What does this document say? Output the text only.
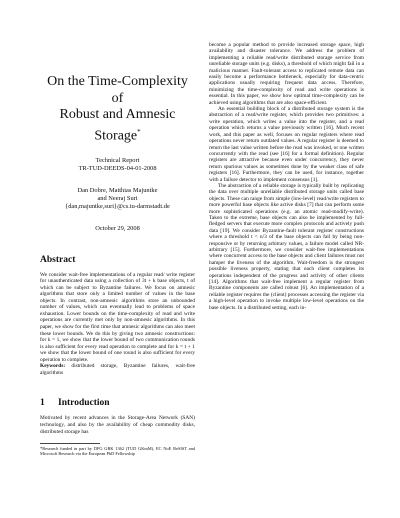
On the Time-Complexity of
Robust and Amnesic Storage*
Technical Report
TR-TUD-DEEDS-04-01-2008
Dan Dobre, Matthias Majuntke
and Neeraj Suri
{dan,majuntke,suri}@cs.tu-darmstadt.de
October 29, 2008
Abstract

We consider wait-free implementations of a regular read/ write register for unauthenticated data using a collection of 3t + k base objects, t of which can be subject to Byzantine failures. We focus on amnesic algorithms that store only a limited number of values in the base objects. In contrast, non-amnesic algorithms store an unbounded number of values, which can eventually lead to problems of space exhaustion. Lower bounds on the time-complexity of read and write operations are currently met only by non-amnesic algorithms. In this paper, we show for the first time that amnesic algorithms can also meet these lower bounds. We do this by giving two amnesic constructions: for k = 1, we show that the lower bound of two communication rounds is also sufficient for every read operation to complete and for k = t + 1 we show that the lower bound of one round is also sufficient for every operation to complete.

Keywords: distributed storage, Byzantine failures, wait-free algorithms

1 Introduction

Motivated by recent advances in the Storage-Area Network (SAN) technology, and also by the availability of cheap commodity disks, distributed storage has

*Research funded in part by DFG GRK 1362 (TUD GKmM), EC NoE ReSIST and Microsoft Research via the European PhD Fellowship

become a popular method to provide increased storage space, high availability and disaster tolerance. We address the problem of implementing a reliable read/write distributed storage service from unreliable storage units (e.g. disks), a threshold of which might fail in a malicious manner. Fault-tolerant access to replicated remote data can easily become a performance bottleneck, especially for data-centric applications usually requiring frequent data access. Therefore, minimizing the time-complexity of read and write operations is essential. In this paper, we show how optimal time-complexity can be achieved using algorithms that are also space-efficient.

An essential building block of a distributed storage system is the abstraction of a read/write register, which provides two primitives: a write operation, which writes a value into the register, and a read operation which returns a value previously written [16]. Much recent work, and this paper as well, focuses on regular registers where read operations never return outdated values. A regular register is deemed to return the last value written before the read was invoked, or one written concurrently with the read (see [16] for a formal definition). Regular registers are attractive because even under concurrency, they never return spurious values as sometimes done by the weaker class of safe registers [16]. Furthermore, they can be used, for instance, together with a failure detector to implement consensus [1].

The abstraction of a reliable storage is typically built by replicating the data over multiple unreliable distributed storage units called base objects. These can range from simple (low-level) read/write registers to more powerful base objects like active disks [7] that can perform some more sophisticated operations (e.g. an atomic read-modify-write). Taken to the extreme, base objects can also be implemented by full-fledged servers that execute more complex protocols and actively push data [19]. We consider Byzantine-fault tolerant register constructions where a threshold t < n/3 of the base objects can fail by being non-responsive or by returning arbitrary values, a failure model called NR-arbitrary [15]. Furthermore, we consider wait-free implementations where concurrent access to the base objects and client failures must not hamper the liveness of the algorithm. Wait-freedom is the strongest possible liveness property, stating that each client completes its operations independent of the progress and activity of other clients [14]. Algorithms that wait-free implement a regular register from Byzantine components are called robust [6]. An implementation of a reliable register requires the (client) processes accessing the register via a high-level operation to invoke multiple low-level operations on the base objects. In a distributed setting, each in-
